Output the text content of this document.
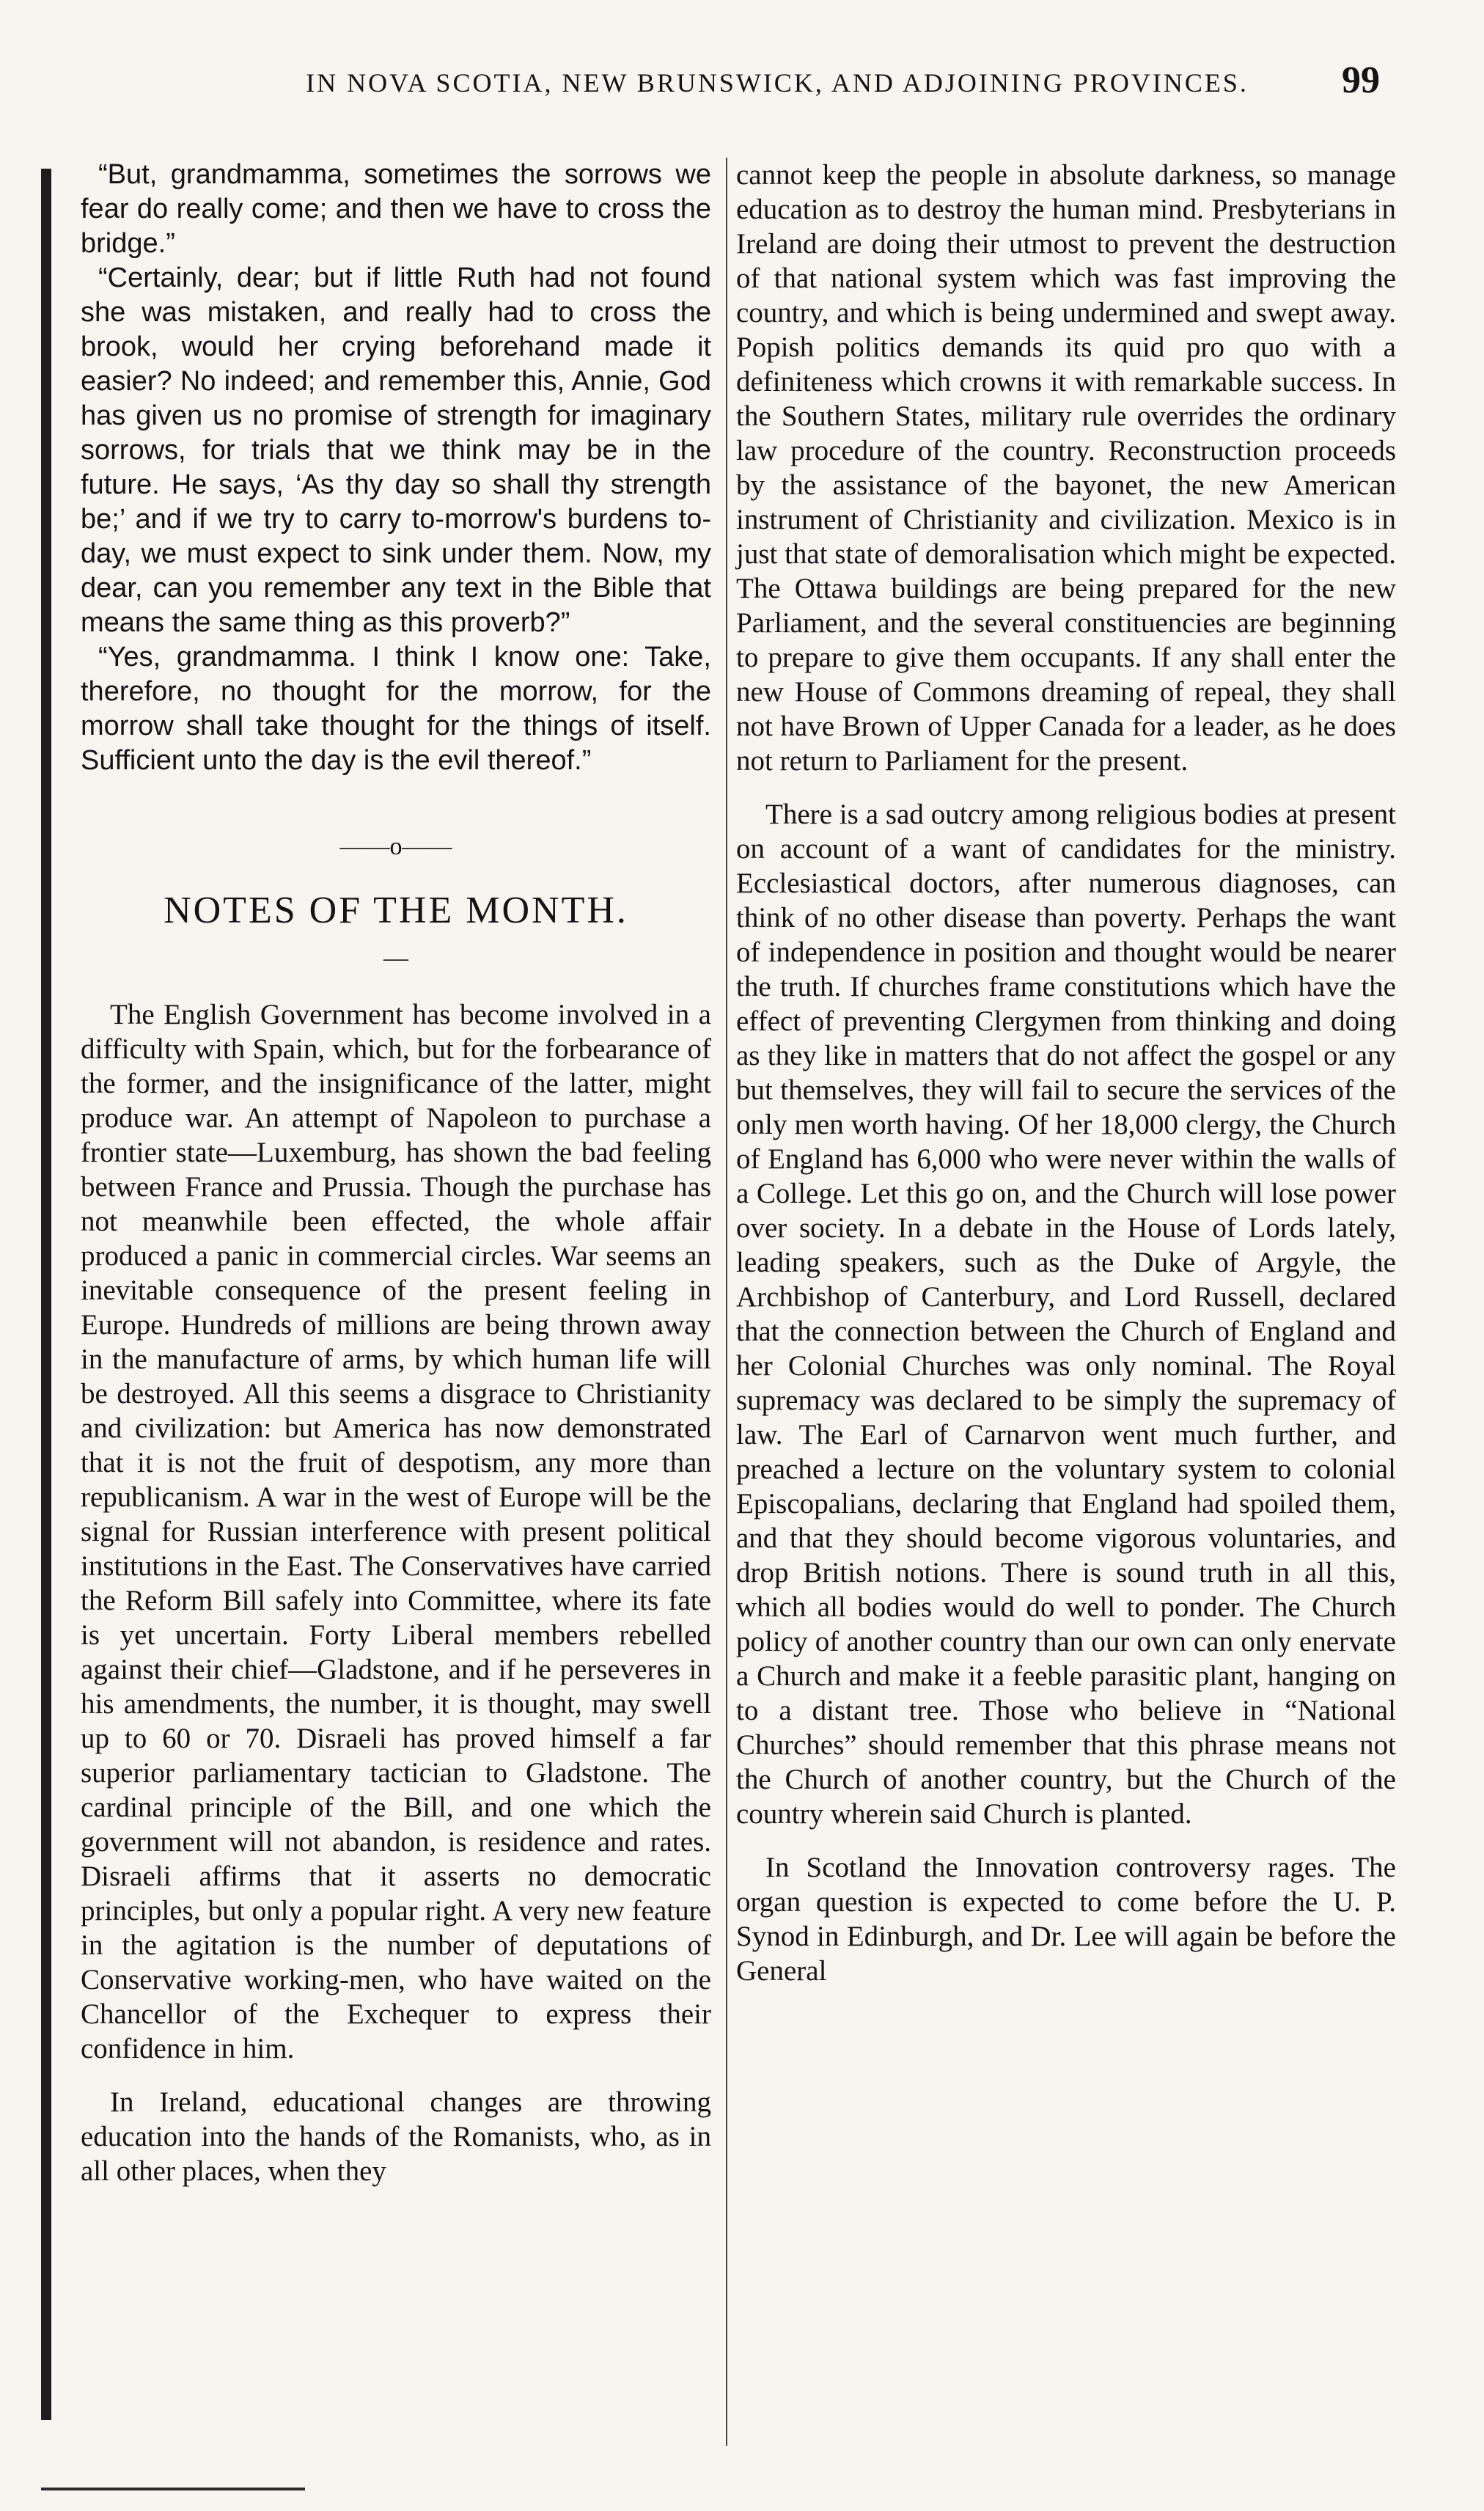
IN NOVA SCOTIA, NEW BRUNSWICK, AND ADJOINING PROVINCES.	99

“But, grandmamma, sometimes the sorrows we fear do really come; and then we have to cross the bridge.”

“Certainly, dear; but if little Ruth had not found she was mistaken, and really had to cross the brook, would her crying beforehand made it easier? No indeed; and remember this, Annie, God has given us no promise of strength for imaginary sorrows, for trials that we think may be in the future. He says, ‘As thy day so shall thy strength be;’ and if we try to carry to-morrow's burdens to-day, we must expect to sink under them. Now, my dear, can you remember any text in the Bible that means the same thing as this proverb?”

“Yes, grandmamma. I think I know one: Take, therefore, no thought for the morrow, for the morrow shall take thought for the things of itself. Sufficient unto the day is the evil thereof.”

——o——
NOTES OF THE MONTH.
—

The English Government has become involved in a difficulty with Spain, which, but for the forbearance of the former, and the insignificance of the latter, might produce war. An attempt of Napoleon to purchase a frontier state—Luxemburg, has shown the bad feeling between France and Prussia. Though the purchase has not meanwhile been effected, the whole affair produced a panic in commercial circles. War seems an inevitable consequence of the present feeling in Europe. Hundreds of millions are being thrown away in the manufacture of arms, by which human life will be destroyed. All this seems a disgrace to Christianity and civilization: but America has now demonstrated that it is not the fruit of despotism, any more than republicanism. A war in the west of Europe will be the signal for Russian interference with present political institutions in the East. The Conservatives have carried the Reform Bill safely into Committee, where its fate is yet uncertain. Forty Liberal members rebelled against their chief—Gladstone, and if he perseveres in his amendments, the number, it is thought, may swell up to 60 or 70. Disraeli has proved himself a far superior parliamentary tactician to Gladstone. The cardinal principle of the Bill, and one which the government will not abandon, is residence and rates. Disraeli affirms that it asserts no democratic principles, but only a popular right. A very new feature in the agitation is the number of deputations of Conservative working-men, who have waited on the Chancellor of the Exchequer to express their confidence in him.

In Ireland, educational changes are throwing education into the hands of the Romanists, who, as in all other places, when they

cannot keep the people in absolute darkness, so manage education as to destroy the human mind. Presbyterians in Ireland are doing their utmost to prevent the destruction of that national system which was fast improving the country, and which is being undermined and swept away. Popish politics demands its quid pro quo with a definiteness which crowns it with remarkable success. In the Southern States, military rule overrides the ordinary law procedure of the country. Reconstruction proceeds by the assistance of the bayonet, the new American instrument of Christianity and civilization. Mexico is in just that state of demoralisation which might be expected. The Ottawa buildings are being prepared for the new Parliament, and the several constituencies are beginning to prepare to give them occupants. If any shall enter the new House of Commons dreaming of repeal, they shall not have Brown of Upper Canada for a leader, as he does not return to Parliament for the present.

There is a sad outcry among religious bodies at present on account of a want of candidates for the ministry. Ecclesiastical doctors, after numerous diagnoses, can think of no other disease than poverty. Perhaps the want of independence in position and thought would be nearer the truth. If churches frame constitutions which have the effect of preventing Clergymen from thinking and doing as they like in matters that do not affect the gospel or any but themselves, they will fail to secure the services of the only men worth having. Of her 18,000 clergy, the Church of England has 6,000 who were never within the walls of a College. Let this go on, and the Church will lose power over society. In a debate in the House of Lords lately, leading speakers, such as the Duke of Argyle, the Archbishop of Canterbury, and Lord Russell, declared that the connection between the Church of England and her Colonial Churches was only nominal. The Royal supremacy was declared to be simply the supremacy of law. The Earl of Carnarvon went much further, and preached a lecture on the voluntary system to colonial Episcopalians, declaring that England had spoiled them, and that they should become vigorous voluntaries, and drop British notions. There is sound truth in all this, which all bodies would do well to ponder. The Church policy of another country than our own can only enervate a Church and make it a feeble parasitic plant, hanging on to a distant tree. Those who believe in “National Churches” should remember that this phrase means not the Church of another country, but the Church of the country wherein said Church is planted.

In Scotland the Innovation controversy rages. The organ question is expected to come before the U. P. Synod in Edinburgh, and Dr. Lee will again be before the General
